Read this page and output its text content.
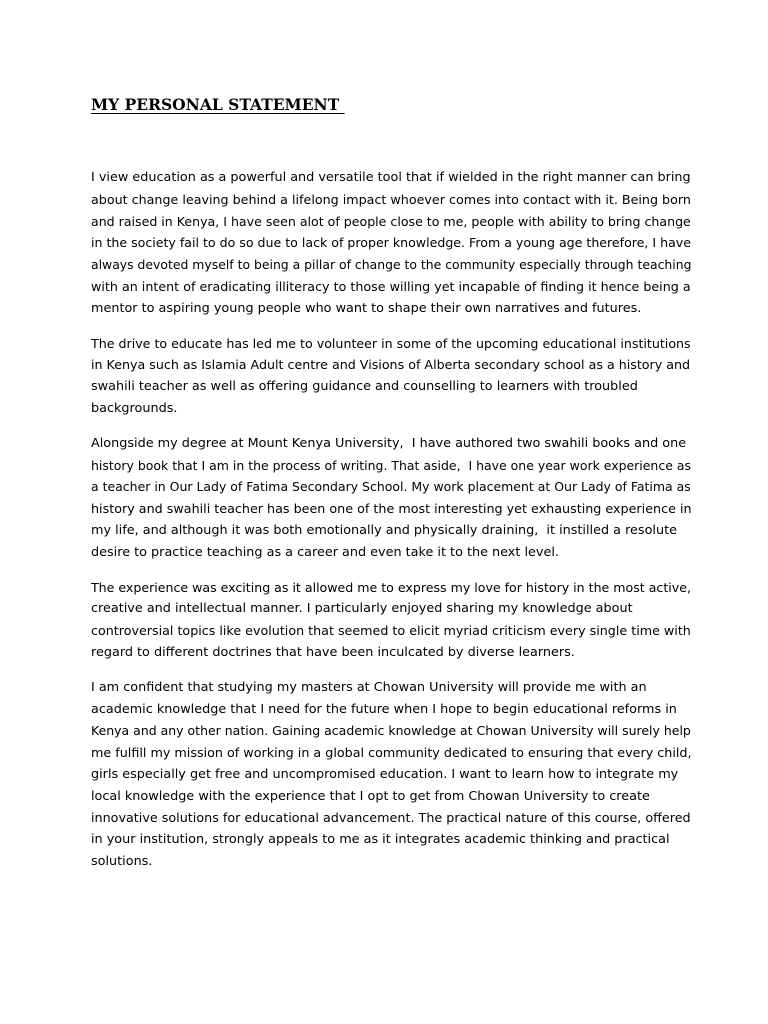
MY PERSONAL STATEMENT

I view education as a powerful and versatile tool that if wielded in the right manner can bring
about change leaving behind a lifelong impact whoever comes into contact with it. Being born
and raised in Kenya, I have seen alot of people close to me, people with ability to bring change
in the society fail to do so due to lack of proper knowledge. From a young age therefore, I have
always devoted myself to being a pillar of change to the community especially through teaching
with an intent of eradicating illiteracy to those willing yet incapable of finding it hence being a
mentor to aspiring young people who want to shape their own narratives and futures.

The drive to educate has led me to volunteer in some of the upcoming educational institutions
in Kenya such as Islamia Adult centre and Visions of Alberta secondary school as a history and
swahili teacher as well as offering guidance and counselling to learners with troubled
backgrounds.

Alongside my degree at Mount Kenya University,  I have authored two swahili books and one
history book that I am in the process of writing. That aside,  I have one year work experience as
a teacher in Our Lady of Fatima Secondary School. My work placement at Our Lady of Fatima as
history and swahili teacher has been one of the most interesting yet exhausting experience in
my life, and although it was both emotionally and physically draining,  it instilled a resolute
desire to practice teaching as a career and even take it to the next level.

The experience was exciting as it allowed me to express my love for history in the most active,
creative and intellectual manner. I particularly enjoyed sharing my knowledge about
controversial topics like evolution that seemed to elicit myriad criticism every single time with
regard to different doctrines that have been inculcated by diverse learners.

I am confident that studying my masters at Chowan University will provide me with an
academic knowledge that I need for the future when I hope to begin educational reforms in
Kenya and any other nation. Gaining academic knowledge at Chowan University will surely help
me fulfill my mission of working in a global community dedicated to ensuring that every child,
girls especially get free and uncompromised education. I want to learn how to integrate my
local knowledge with the experience that I opt to get from Chowan University to create
innovative solutions for educational advancement. The practical nature of this course, offered
in your institution, strongly appeals to me as it integrates academic thinking and practical
solutions.
